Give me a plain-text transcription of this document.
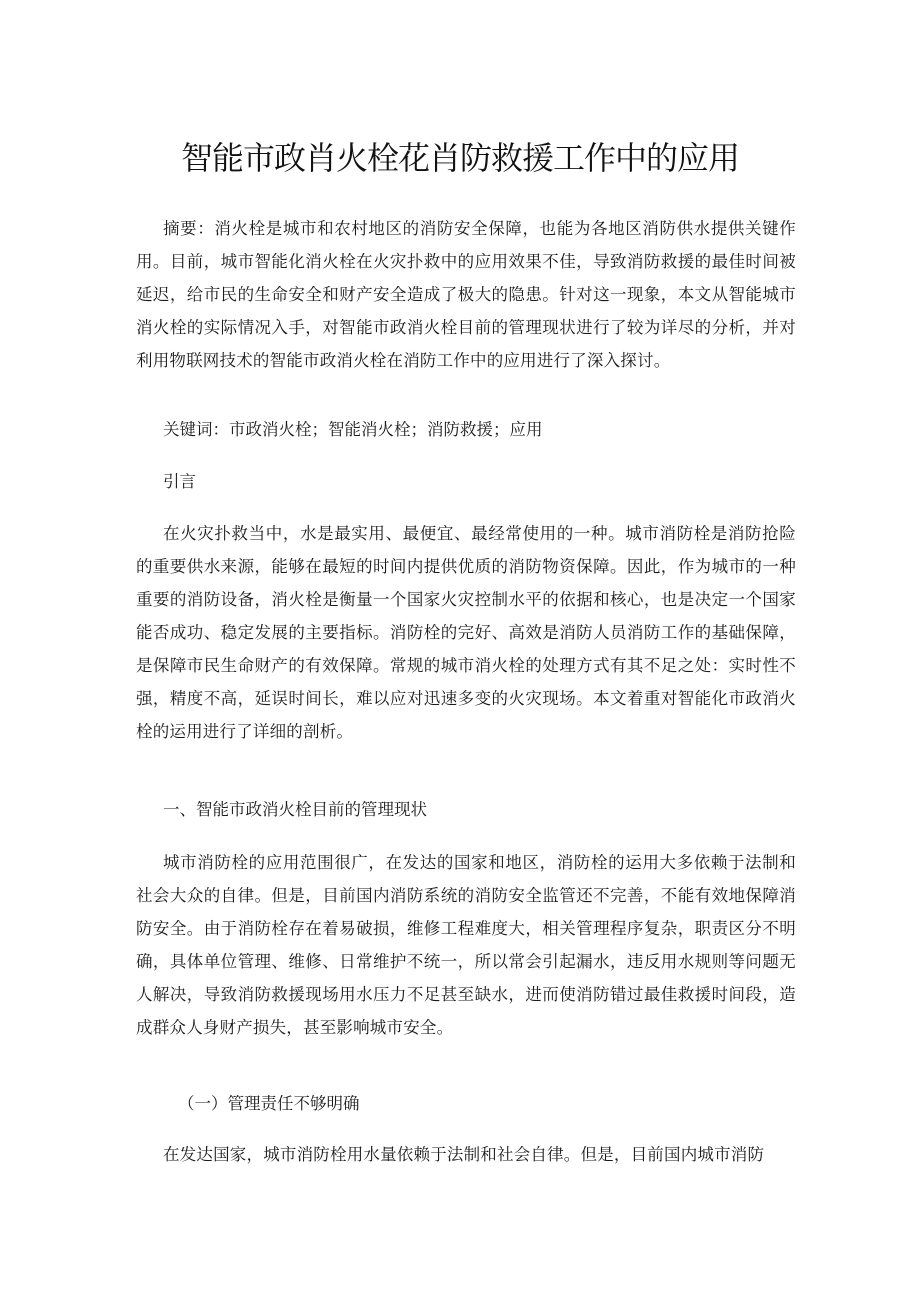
智能市政肖火栓花肖防救援工作中的应用

摘要：消火栓是城市和农村地区的消防安全保障，也能为各地区消防供水提供关键作用。目前，城市智能化消火栓在火灾扑救中的应用效果不佳，导致消防救援的最佳时间被延迟，给市民的生命安全和财产安全造成了极大的隐患。针对这一现象，本文从智能城市消火栓的实际情况入手，对智能市政消火栓目前的管理现状进行了较为详尽的分析，并对利用物联网技术的智能市政消火栓在消防工作中的应用进行了深入探讨。

关键词：市政消火栓；智能消火栓；消防救援；应用

引言

在火灾扑救当中，水是最实用、最便宜、最经常使用的一种。城市消防栓是消防抢险的重要供水来源，能够在最短的时间内提供优质的消防物资保障。因此，作为城市的一种重要的消防设备，消火栓是衡量一个国家火灾控制水平的依据和核心，也是决定一个国家能否成功、稳定发展的主要指标。消防栓的完好、高效是消防人员消防工作的基础保障，是保障市民生命财产的有效保障。常规的城市消火栓的处理方式有其不足之处：实时性不强，精度不高，延误时间长，难以应对迅速多变的火灾现场。本文着重对智能化市政消火栓的运用进行了详细的剖析。

一、智能市政消火栓目前的管理现状

城市消防栓的应用范围很广，在发达的国家和地区，消防栓的运用大多依赖于法制和社会大众的自律。但是，目前国内消防系统的消防安全监管还不完善，不能有效地保障消防安全。由于消防栓存在着易破损，维修工程难度大，相关管理程序复杂，职责区分不明确，具体单位管理、维修、日常维护不统一，所以常会引起漏水，违反用水规则等问题无人解决，导致消防救援现场用水压力不足甚至缺水，进而使消防错过最佳救援时间段，造成群众人身财产损失，甚至影响城市安全。

（一）管理责任不够明确

在发达国家，城市消防栓用水量依赖于法制和社会自律。但是，目前国内城市消防
